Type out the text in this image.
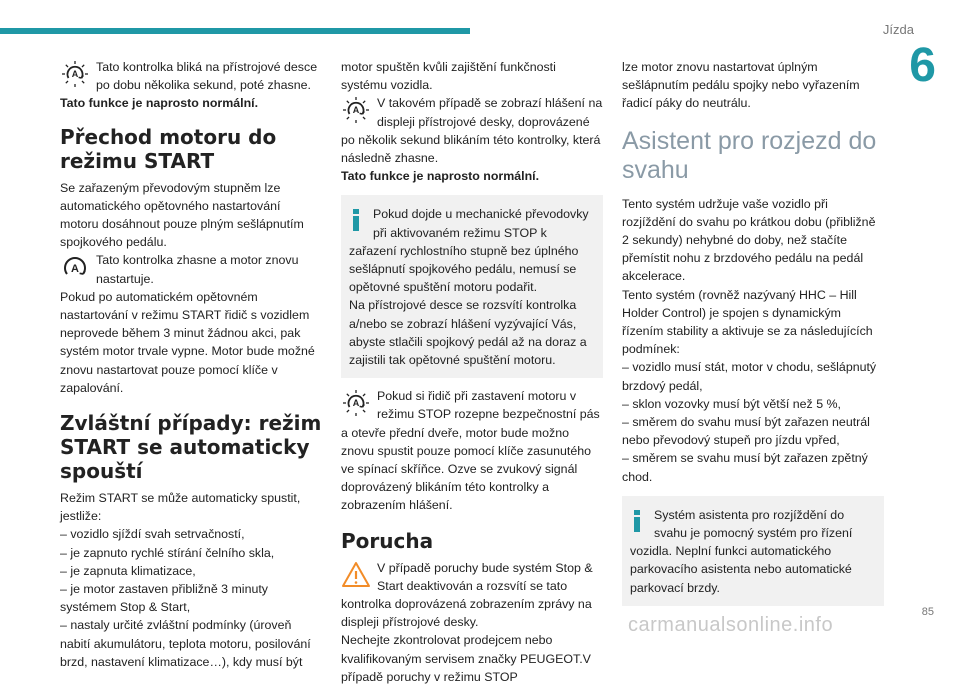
Jízda
6
A	Tato kontrolka bliká na přístrojové desce po dobu několika sekund, poté zhasne.

Tato funkce je naprosto normální.

Přechod motoru do režimu START

Se zařazeným převodovým stupněm lze automatického opětovného nastartování motoru dosáhnout pouze plným sešlápnutím spojkového pedálu.

A

Tato kontrolka zhasne a motor znovu nastartuje.

Pokud po automatickém opětovném nastartování v režimu START řidič s vozidlem neprovede během 3 minut žádnou akci, pak systém motor trvale vypne. Motor bude možné znovu nastartovat pouze pomocí klíče v zapalování.

Zvláštní případy: režim START se automaticky spouští

Režim START se může automaticky spustit, jestliže:

– vozidlo sjíždí svah setrvačností,

– je zapnuto rychlé stírání čelního skla,

– je zapnuta klimatizace,

– je motor zastaven přibližně 3 minuty systémem Stop & Start,

– nastaly určité zvláštní podmínky (úroveň nabití akumulátoru, teplota motoru, posilování brzd, nastavení klimatizace…), kdy musí být

motor spuštěn kvůli zajištění funkčnosti systému vozidla.

A	V takovém případě se zobrazí hlášení na displeji přístrojové desky, doprovázené po několik sekund blikáním této kontrolky, která následně zhasne.

Tato funkce je naprosto normální.

Pokud dojde u mechanické převodovky při aktivovaném režimu STOP k zařazení rychlostního stupně bez úplného sešlápnutí spojkového pedálu, nemusí se opětovné spuštění motoru podařit.

Na přístrojové desce se rozsvítí kontrolka a/nebo se zobrazí hlášení vyzývající Vás, abyste stlačili spojkový pedál až na doraz a zajistili tak opětovné spuštění motoru.

A	Pokud si řidič při zastavení motoru v režimu STOP rozepne bezpečnostní pás a otevře přední dveře, motor bude možno znovu spustit pouze pomocí klíče zasunutého ve spínací skříňce. Ozve se zvukový signál doprovázený blikáním této kontrolky a zobrazením hlášení.

Porucha

V případě poruchy bude systém Stop & Start deaktivován a rozsvítí se tato kontrolka doprovázená zobrazením zprávy na displeji přístrojové desky.

Nechejte zkontrolovat prodejcem nebo kvalifikovaným servisem značky PEUGEOT.V případě poruchy v režimu STOP

lze motor znovu nastartovat úplným sešlápnutím pedálu spojky nebo vyřazením řadicí páky do neutrálu.

Asistent pro rozjezd do svahu

Tento systém udržuje vaše vozidlo při rozjíždění do svahu po krátkou dobu (přibližně 2 sekundy) nehybné do doby, než stačíte přemístit nohu z brzdového pedálu na pedál akcelerace.

Tento systém (rovněž nazývaný HHC – Hill Holder Control) je spojen s dynamickým řízením stability a aktivuje se za následujících podmínek:

– vozidlo musí stát, motor v chodu, sešlápnutý brzdový pedál,

– sklon vozovky musí být větší než 5 %,

– směrem do svahu musí být zařazen neutrál nebo převodový stupeň pro jízdu vpřed,

– směrem se svahu musí být zařazen zpětný chod.

Systém asistenta pro rozjíždění do svahu je pomocný systém pro řízení vozidla. Neplní funkci automatického parkovacího asistenta nebo automatické parkovací brzdy.

85
carmanualsonline.info
